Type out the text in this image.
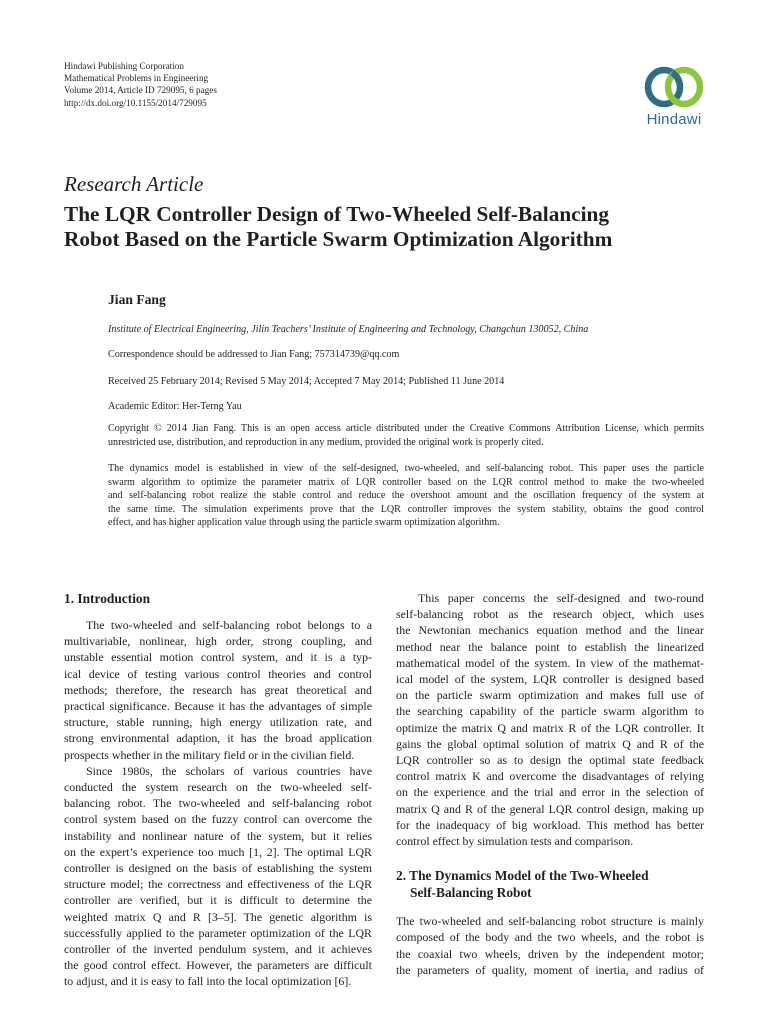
Hindawi Publishing Corporation
Mathematical Problems in Engineering
Volume 2014, Article ID 729095, 6 pages
http://dx.doi.org/10.1155/2014/729095
Hindawi
Research Article
The LQR Controller Design of Two-Wheeled Self-Balancing
Robot Based on the Particle Swarm Optimization Algorithm
Jian Fang
Institute of Electrical Engineering, Jilin Teachers’ Institute of Engineering and Technology, Changchun 130052, China
Correspondence should be addressed to Jian Fang; 757314739@qq.com
Received 25 February 2014; Revised 5 May 2014; Accepted 7 May 2014; Published 11 June 2014
Academic Editor: Her-Terng Yau
Copyright © 2014 Jian Fang. This is an open access article distributed under the Creative Commons Attribution License, which permits unrestricted use, distribution, and reproduction in any medium, provided the original work is properly cited.
The dynamics model is established in view of the self-designed, two-wheeled, and self-balancing robot. This paper uses the particle
swarm algorithm to optimize the parameter matrix of LQR controller based on the LQR control method to make the two-wheeled
and self-balancing robot realize the stable control and reduce the overshoot amount and the oscillation frequency of the system at
the same time. The simulation experiments prove that the LQR controller improves the system stability, obtains the good control
effect, and has higher application value through using the particle swarm optimization algorithm.
1. Introduction
The two-wheeled and self-balancing robot belongs to a
multivariable, nonlinear, high order, strong coupling, and
unstable essential motion control system, and it is a typ-
ical device of testing various control theories and control
methods; therefore, the research has great theoretical and
practical significance. Because it has the advantages of simple
structure, stable running, high energy utilization rate, and
strong environmental adaption, it has the broad application
prospects whether in the military field or in the civilian field.
Since 1980s, the scholars of various countries have
conducted the system research on the two-wheeled self-
balancing robot. The two-wheeled and self-balancing robot
control system based on the fuzzy control can overcome the
instability and nonlinear nature of the system, but it relies
on the expert’s experience too much [1, 2]. The optimal LQR
controller is designed on the basis of establishing the system
structure model; the correctness and effectiveness of the LQR
controller are verified, but it is difficult to determine the
weighted matrix Q and R [3–5]. The genetic algorithm is
successfully applied to the parameter optimization of the LQR
controller of the inverted pendulum system, and it achieves
the good control effect. However, the parameters are difficult
to adjust, and it is easy to fall into the local optimization [6].
This paper concerns the self-designed and two-round
self-balancing robot as the research object, which uses
the Newtonian mechanics equation method and the linear
method near the balance point to establish the linearized
mathematical model of the system. In view of the mathemat-
ical model of the system, LQR controller is designed based
on the particle swarm optimization and makes full use of
the searching capability of the particle swarm algorithm to
optimize the matrix Q and matrix R of the LQR controller. It
gains the global optimal solution of matrix Q and R of the
LQR controller so as to design the optimal state feedback
control matrix K and overcome the disadvantages of relying
on the experience and the trial and error in the selection of
matrix Q and R of the general LQR control design, making up
for the inadequacy of big workload. This method has better
control effect by simulation tests and comparison.
2. The Dynamics Model of the Two-Wheeled
Self-Balancing Robot
The two-wheeled and self-balancing robot structure is mainly
composed of the body and the two wheels, and the robot is
the coaxial two wheels, driven by the independent motor;
the parameters of quality, moment of inertia, and radius of
